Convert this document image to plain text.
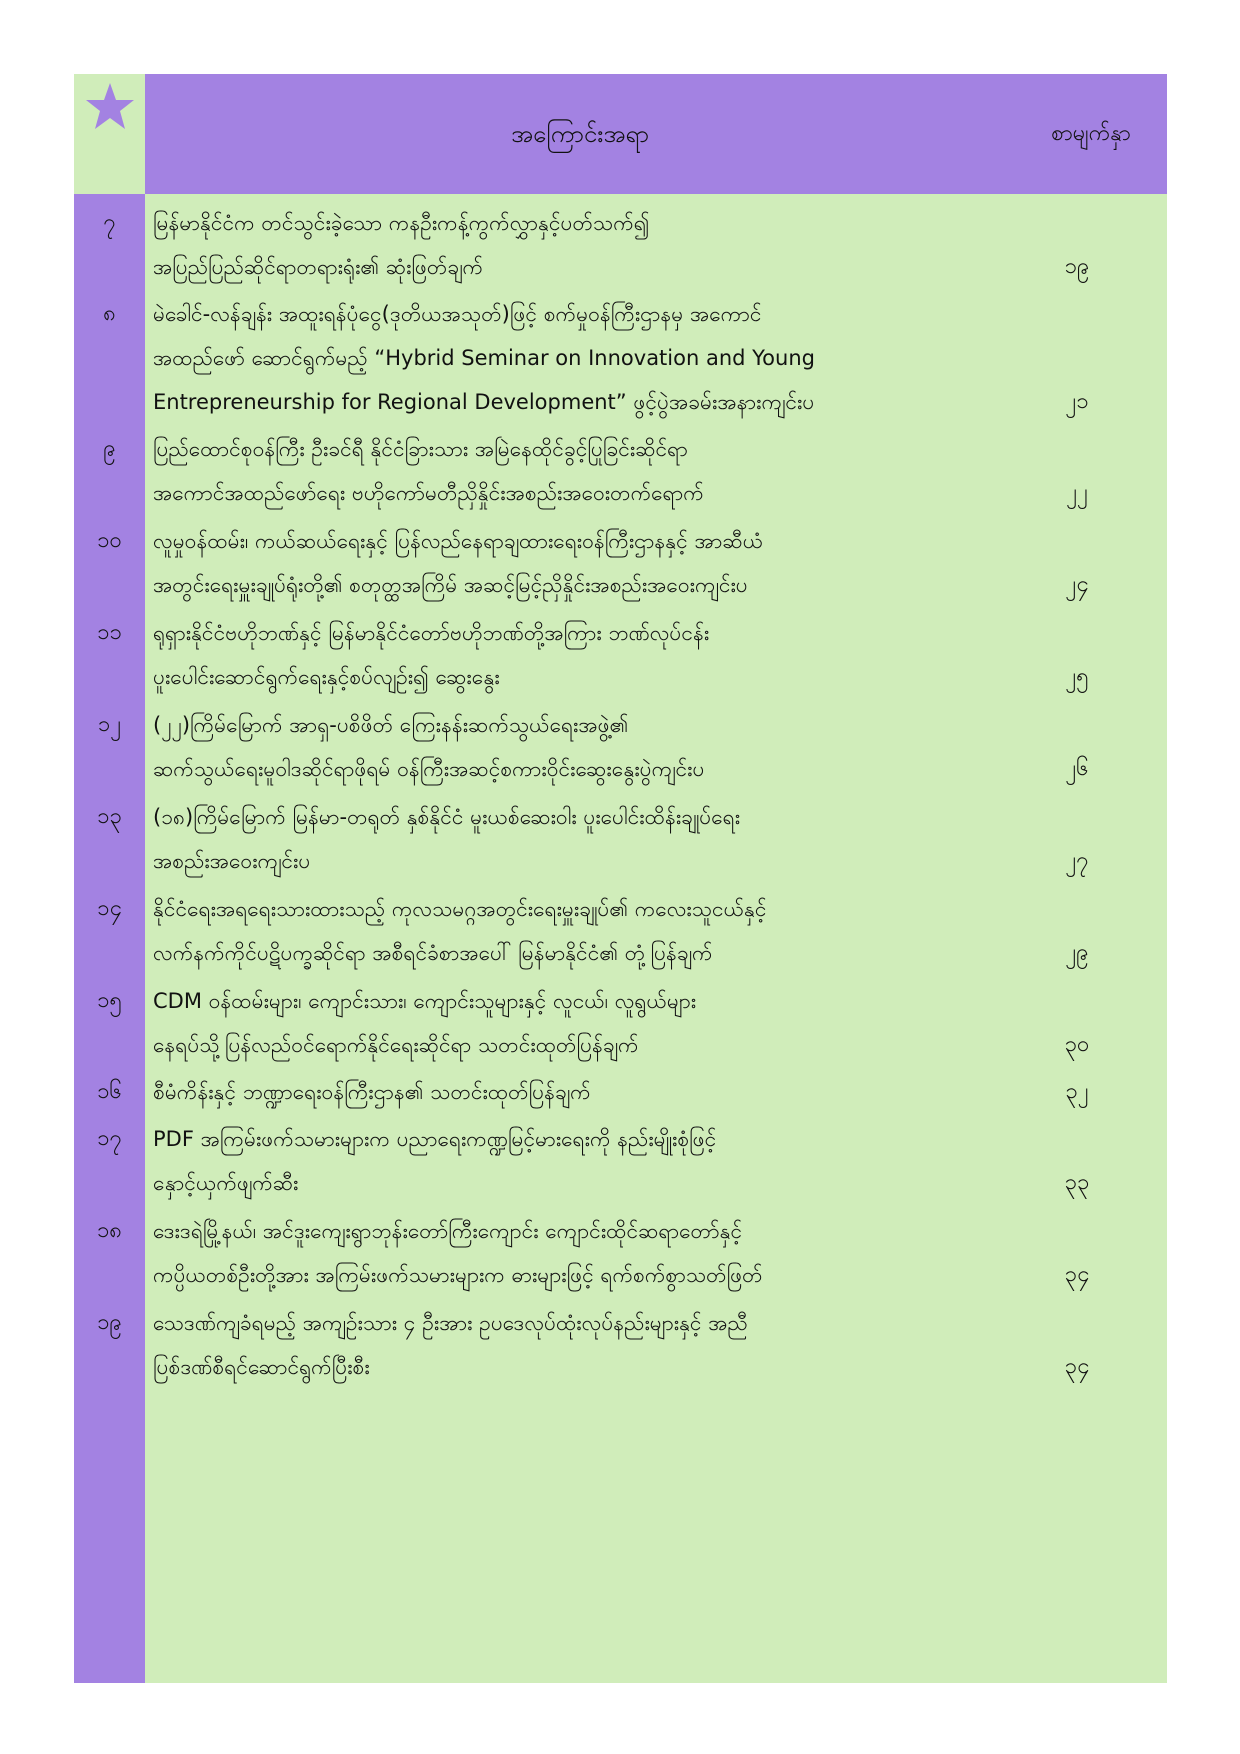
အကြောင်းအရာ	စာမျက်နှာ
၇	မြန်မာနိုင်ငံက တင်သွင်းခဲ့သော ကနဦးကန့်ကွက်လွှာနှင့်ပတ်သက်၍
အပြည်ပြည်ဆိုင်ရာတရားရုံး၏ ဆုံးဖြတ်ချက်	၁၉
၈	မဲခေါင်-လန်ချန်း အထူးရန်ပုံငွေ(ဒုတိယအသုတ်)ဖြင့် စက်မှုဝန်ကြီးဌာနမှ အကောင်
အထည်ဖော် ဆောင်ရွက်မည့် “Hybrid Seminar on Innovation and Young
Entrepreneurship for Regional Development” ဖွင့်ပွဲအခမ်းအနားကျင်းပ	၂၁
၉	ပြည်ထောင်စုဝန်ကြီး ဦးခင်ရီ နိုင်ငံခြားသား အမြဲနေထိုင်ခွင့်ပြုခြင်းဆိုင်ရာ
အကောင်အထည်ဖော်ရေး ဗဟိုကော်မတီညှိနှိုင်းအစည်းအဝေးတက်ရောက်	၂၂
၁၀	လူမှုဝန်ထမ်း၊ ကယ်ဆယ်ရေးနှင့် ပြန်လည်နေရာချထားရေးဝန်ကြီးဌာနနှင့် အာဆီယံ
အတွင်းရေးမှူးချုပ်ရုံးတို့၏ စတုတ္ထအကြိမ် အဆင့်မြင့်ညှိနှိုင်းအစည်းအဝေးကျင်းပ	၂၄
၁၁	ရုရှားနိုင်ငံဗဟိုဘဏ်နှင့် မြန်မာနိုင်ငံတော်ဗဟိုဘဏ်တို့အကြား ဘဏ်လုပ်ငန်း
ပူးပေါင်းဆောင်ရွက်ရေးနှင့်စပ်လျဉ်း၍ ဆွေးနွေး	၂၅
၁၂	(၂၂)ကြိမ်မြောက် အာရှ-ပစိဖိတ် ကြေးနန်းဆက်သွယ်ရေးအဖွဲ့၏
ဆက်သွယ်ရေးမူဝါဒဆိုင်ရာဖိုရမ် ဝန်ကြီးအဆင့်စကားဝိုင်းဆွေးနွေးပွဲကျင်းပ	၂၆
၁၃	(၁၈)ကြိမ်မြောက် မြန်မာ-တရုတ် နှစ်နိုင်ငံ မူးယစ်ဆေးဝါး ပူးပေါင်းထိန်းချုပ်ရေး
အစည်းအဝေးကျင်းပ	၂၇
၁၄	နိုင်ငံရေးအရရေးသားထားသည့် ကုလသမဂ္ဂအတွင်းရေးမှူးချုပ်၏ ကလေးသူငယ်နှင့်
လက်နက်ကိုင်ပဋိပက္ခဆိုင်ရာ အစီရင်ခံစာအပေါ် မြန်မာနိုင်ငံ၏ တုံ့ပြန်ချက်	၂၉
၁၅	CDM ဝန်ထမ်းများ၊ ကျောင်းသား၊ ကျောင်းသူများနှင့် လူငယ်၊ လူရွယ်များ
နေရပ်သို့ပြန်လည်ဝင်ရောက်နိုင်ရေးဆိုင်ရာ သတင်းထုတ်ပြန်ချက်	၃၀
၁၆	စီမံကိန်းနှင့် ဘဏ္ဍာရေးဝန်ကြီးဌာန၏ သတင်းထုတ်ပြန်ချက်	၃၂
၁၇	PDF အကြမ်းဖက်သမားများက ပညာရေးကဏ္ဍမြင့်မားရေးကို နည်းမျိုးစုံဖြင့်
နှောင့်ယှက်ဖျက်ဆီး	၃၃
၁၈	ဒေးဒရဲမြို့နယ်၊ အင်ဒူးကျေးရွာဘုန်းတော်ကြီးကျောင်း ကျောင်းထိုင်ဆရာတော်နှင့်
ကပ္ပိယတစ်ဦးတို့အား အကြမ်းဖက်သမားများက ဓားများဖြင့် ရက်စက်စွာသတ်ဖြတ်	၃၄
၁၉	သေဒဏ်ကျခံရမည့် အကျဉ်းသား ၄ ဦးအား ဥပဒေလုပ်ထုံးလုပ်နည်းများနှင့် အညီ
ပြစ်ဒဏ်စီရင်ဆောင်ရွက်ပြီးစီး	၃၄
